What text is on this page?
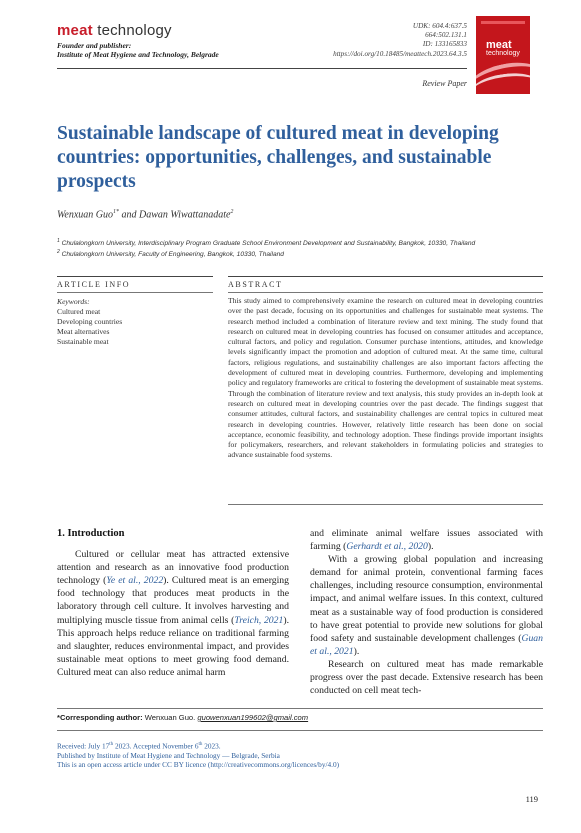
meat technology
Founder and publisher:
Institute of Meat Hygiene and Technology, Belgrade
UDK: 604.4:637.5
664:502.131.1
ID: 133165833
https://doi.org/10.18485/meattech.2023.64.3.5
Review Paper
meat
technology
Sustainable landscape of cultured meat in developing countries: opportunities, challenges, and sustainable prospects
Wenxuan Guo$^{1*}$ and Dawan Wiwattanadate$^2$
$^1$ Chulalongkorn University, Interdisciplinary Program Graduate School Environment Development and Sustainability, Bangkok, 10330, Thailand
$^2$ Chulalongkorn University, Faculty of Engineering, Bangkok, 10330, Thailand
ARTICLE INFO	ABSTRACT
Keywords:
Cultured meat
Developing countries
Meat alternatives
Sustainable meat
This study aimed to comprehensively examine the research on cultured meat in developing countries over the past decade, focusing on its opportunities and challenges for sustainable meat systems. The research method included a combination of literature review and text mining. The study found that research on cultured meat in developing countries has focused on consumer attitudes and acceptance, cultural factors, and policy and regulation. Consumer purchase intentions, attitudes, and knowledge levels significantly impact the promotion and adoption of cultured meat. At the same time, cultural factors, religious regulations, and sustainability challenges are also important factors affecting the development of cultured meat in developing countries. Furthermore, developing and implementing policy and regulatory frameworks are critical to fostering the development of sustainable meat systems. Through the combination of literature review and text analysis, this study provides an in-depth look at research on cultured meat in developing countries over the past decade. The findings suggest that consumer attitudes, cultural factors, and sustainability challenges are central topics in cultured meat research in developing countries. However, relatively little research has been done on social acceptance, economic feasibility, and technology adoption. These findings provide important insights for policymakers, researchers, and relevant stakeholders in formulating policies and strategies to advance sustainable food systems.
1. Introduction

Cultured or cellular meat has attracted extensive attention and research as an innovative food production technology (Ye et al., 2022). Cultured meat is an emerging food technology that produces meat products in the laboratory through cell culture. It involves harvesting and multiplying muscle tissue from animal cells (Treich, 2021). This approach helps reduce reliance on traditional farming and slaughter, reduces environmental impact, and provides sustainable meat options to meet growing food demand. Cultured meat can also reduce animal harm

and eliminate animal welfare issues associated with farming (Gerhardt et al., 2020).

With a growing global population and increasing demand for animal protein, conventional farming faces challenges, including resource consumption, environmental impact, and animal welfare issues. In this context, cultured meat as a sustainable way of food production is considered to have great potential to provide new solutions for global food safety and sustainable development challenges (Guan et al., 2021).

Research on cultured meat has made remarkable progress over the past decade. Extensive research has been conducted on cell meat tech-

*Corresponding author: Wenxuan Guo. guowenxuan199602@gmail.com
Received: July 17th 2023. Accepted November 6th 2023.
Published by Institute of Meat Hygiene and Technology — Belgrade, Serbia
This is an open access article under CC BY licence (http://creativecommons.org/licences/by/4.0)
119
